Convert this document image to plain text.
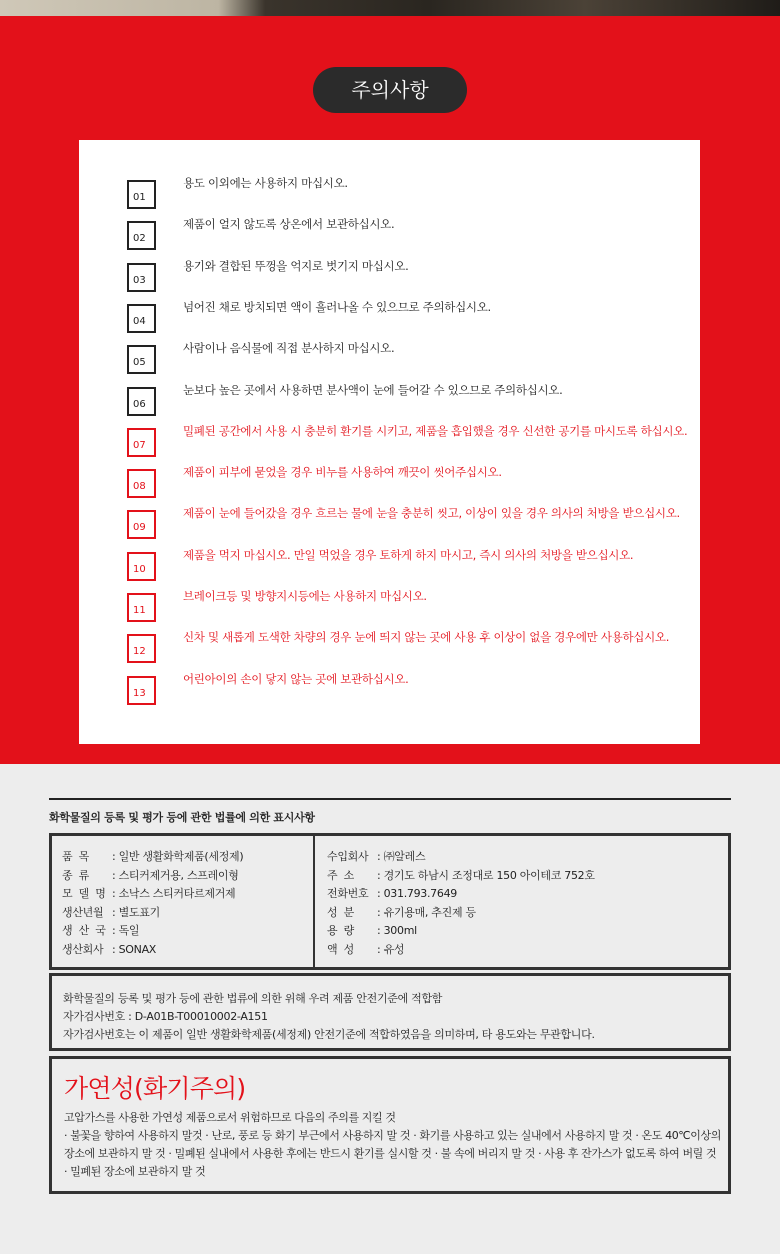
주의사항
01
용도 이외에는 사용하지 마십시오.
02
제품이 얼지 않도록 상온에서 보관하십시오.
03
용기와 결합된 뚜껑을 억지로 벗기지 마십시오.
04
넘어진 채로 방치되면 액이 흘러나올 수 있으므로 주의하십시오.
05
사람이나 음식물에 직접 분사하지 마십시오.
06
눈보다 높은 곳에서 사용하면 분사액이 눈에 들어갈 수 있으므로 주의하십시오.
07
밀폐된 공간에서 사용 시 충분히 환기를 시키고, 제품을 흡입했을 경우 신선한 공기를 마시도록 하십시오.
08
제품이 피부에 묻었을 경우 비누를 사용하여 깨끗이 씻어주십시오.
09
제품이 눈에 들어갔을 경우 흐르는 물에 눈을 충분히 씻고, 이상이 있을 경우 의사의 처방을 받으십시오.
10
제품을 먹지 마십시오. 만일 먹었을 경우 토하게 하지 마시고, 즉시 의사의 처방을 받으십시오.
11
브레이크등 및 방향지시등에는 사용하지 마십시오.
12
신차 및 새롭게 도색한 차량의 경우 눈에 띄지 않는 곳에 사용 후 이상이 없을 경우에만 사용하십시오.
13
어린아이의 손이 닿지 않는 곳에 보관하십시오.
화학물질의 등록 및 평가 등에 관한 법률에 의한 표시사항
품목 : 일반 생활화학제품(세정제)
종류 : 스티커제거용, 스프레이형
모델명: 소낙스 스티커타르제거제
생산년월 : 별도표기
생산국: 독일
생산회사 : SONAX
수입회사 : ㈜알레스
주소 : 경기도 하남시 조정대로 150 아이테코 752호
전화번호 : 031.793.7649
성분 : 유기용매, 추진제 등
용량 : 300ml
액성 : 유성
화학물질의 등록 및 평가 등에 관한 법류에 의한 위해 우려 제품 안전기준에 적합함
자가검사번호 : D-A01B-T00010002-A151
자가검사번호는 이 제품이 일반 생활화학제품(세정제) 안전기준에 적합하였음을 의미하며, 타 용도와는 무관합니다.
가연성(화기주의)
고압가스를 사용한 가연성 제품으로서 위험하므로 다음의 주의를 지킬 것
· 불꽃을 향하여 사용하지 말것 · 난로, 풍로 등 화기 부근에서 사용하지 말 것 · 화기를 사용하고 있는 실내에서 사용하지 말 것 · 온도 40℃이상의
장소에 보관하지 말 것 · 밀폐된 실내에서 사용한 후에는 반드시 환기를 실시할 것 · 불 속에 버리지 말 것 · 사용 후 잔가스가 없도록 하여 버릴 것
· 밀폐된 장소에 보관하지 말 것
